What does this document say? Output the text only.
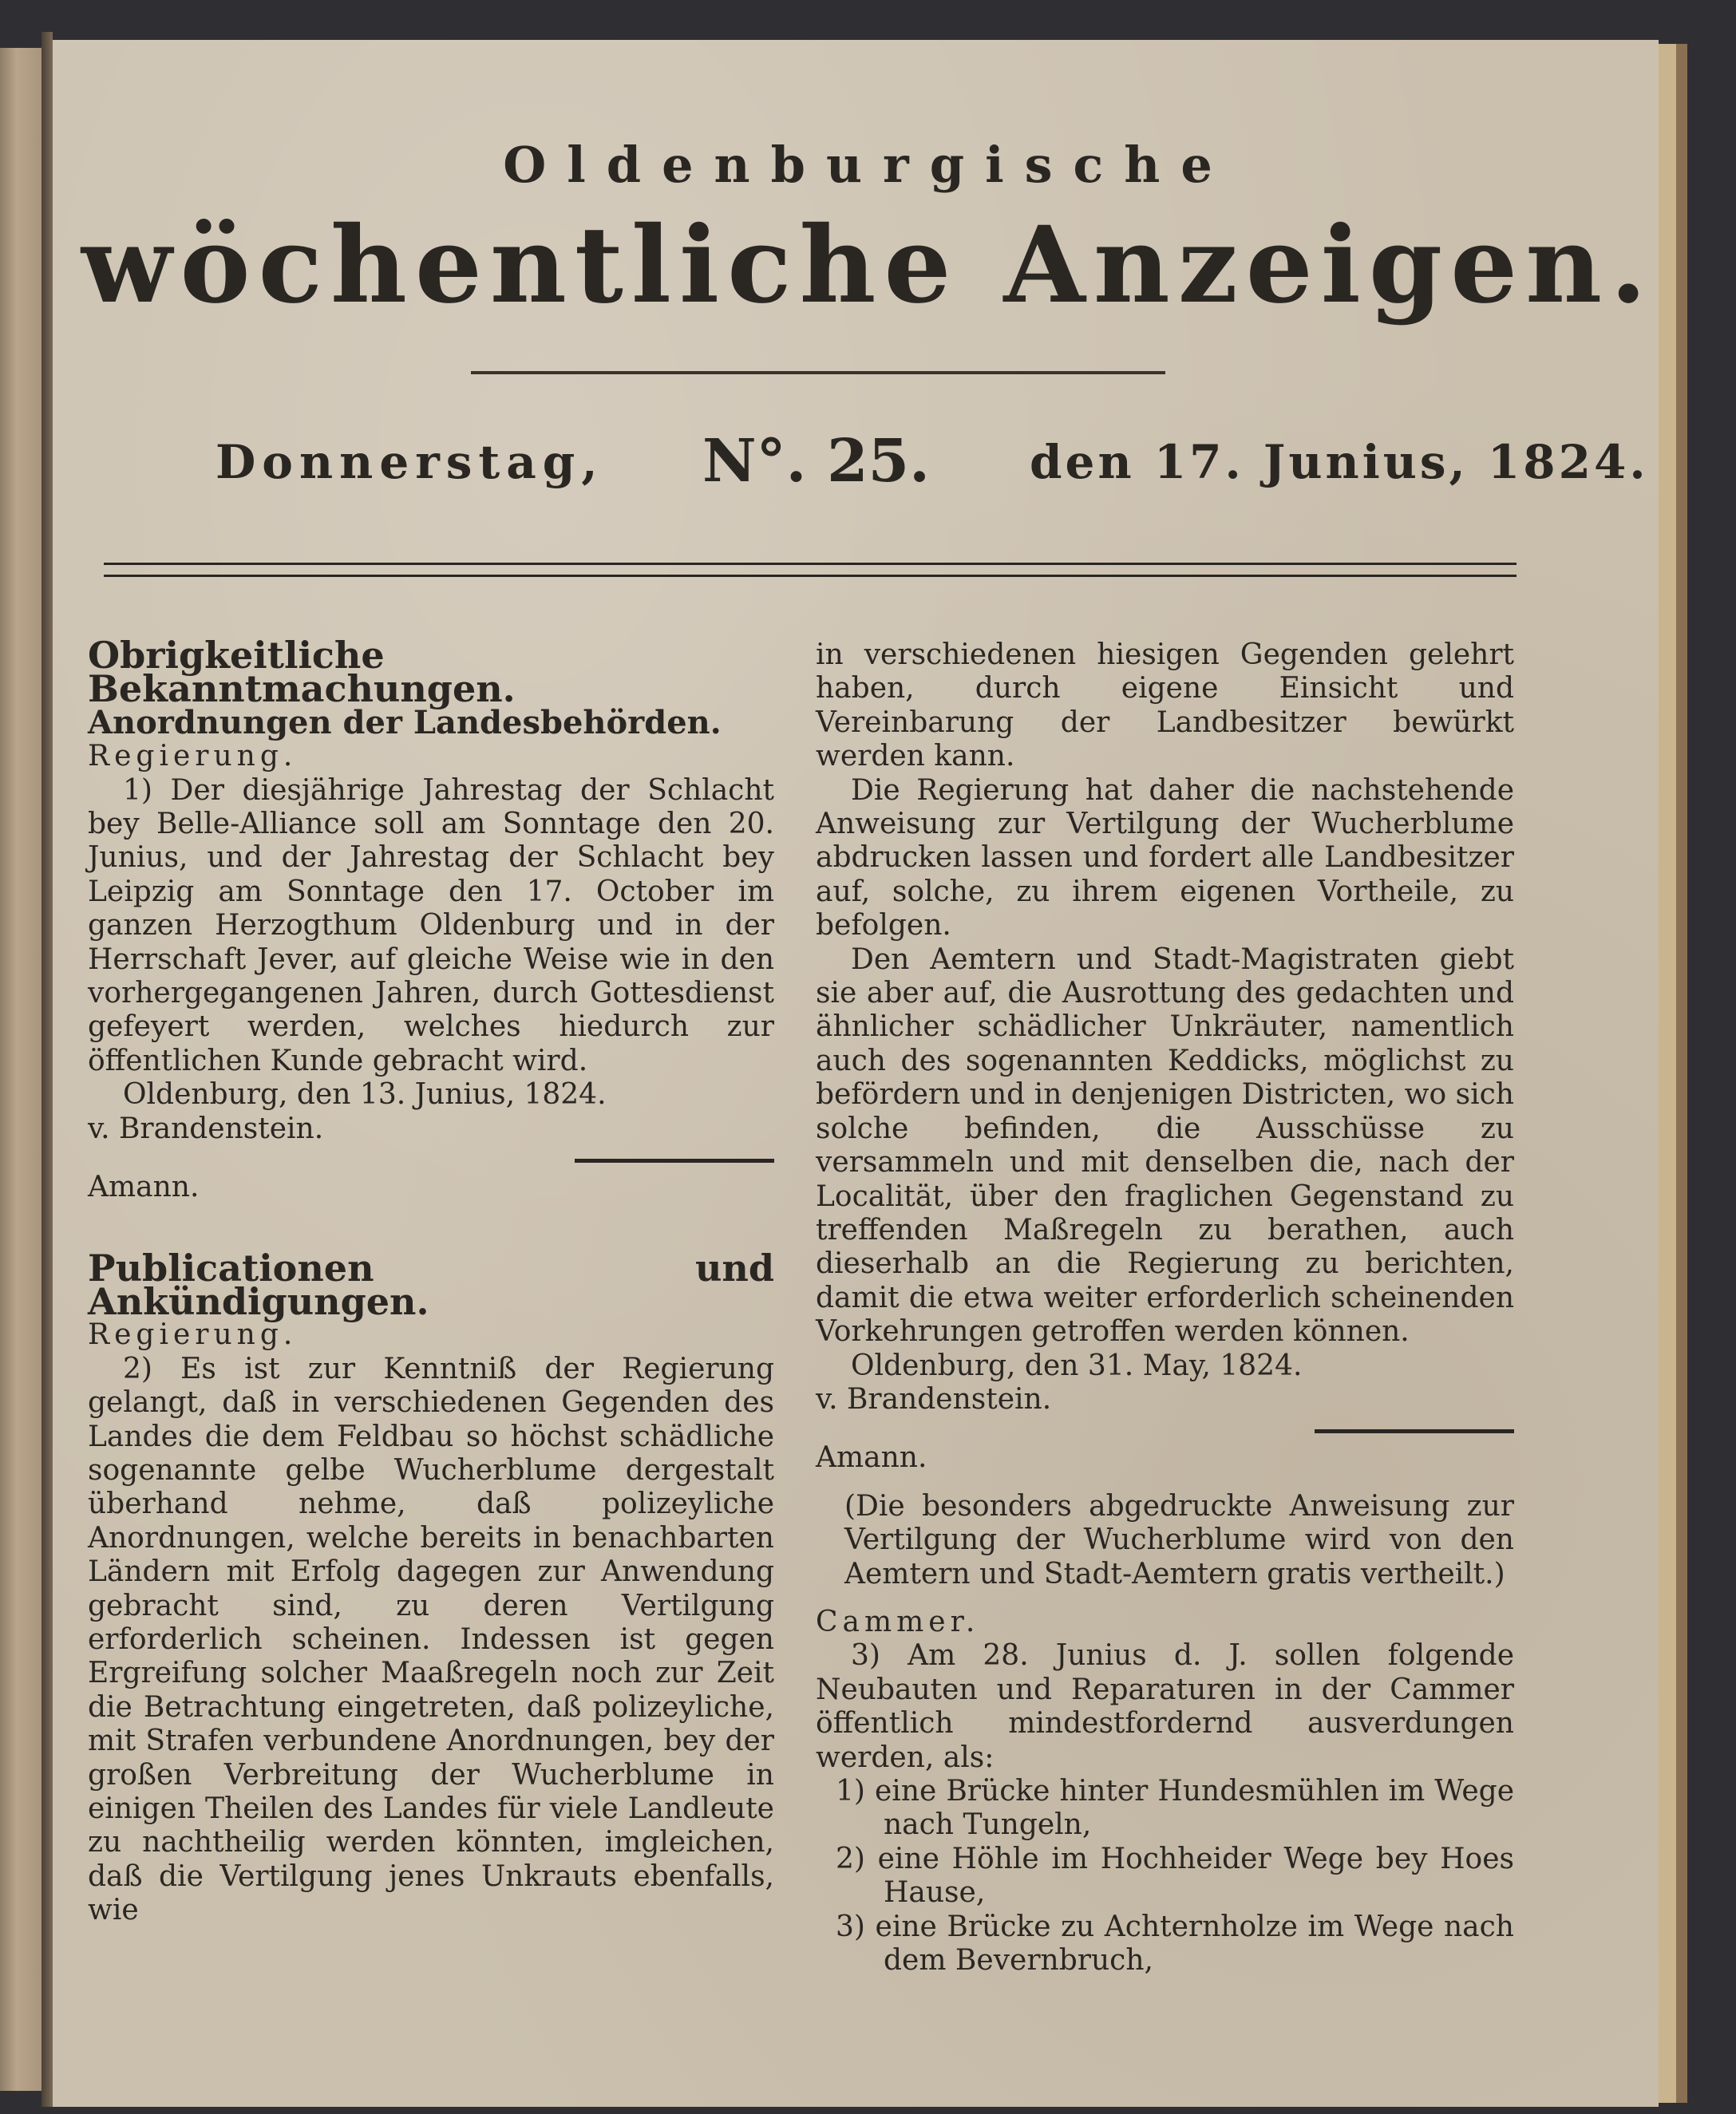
Oldenburgische
wöchentliche Anzeigen.
Donnerstag, N°. 25. den 17. Junius, 1824.

Obrigkeitliche Bekanntmachungen.

Anordnungen der Landesbehörden.

Regierung.

1) Der diesjährige Jahrestag der Schlacht bey Belle-Alliance soll am Sonntage den 20. Junius, und der Jahrestag der Schlacht bey Leipzig am Sonntage den 17. October im ganzen Herzogthum Oldenburg und in der Herrschaft Jever, auf gleiche Weise wie in den vorhergegangenen Jahren, durch Gottesdienst gefeyert werden, welches hiedurch zur öffentlichen Kunde gebracht wird.

Oldenburg, den 13. Junius, 1824.

v. Brandenstein.

Amann.

Publicationen und Ankündigungen.

Regierung.

2) Es ist zur Kenntniß der Regierung gelangt, daß in verschiedenen Gegenden des Landes die dem Feldbau so höchst schädliche sogenannte gelbe Wucherblume dergestalt überhand nehme, daß polizeyliche Anordnungen, welche bereits in benachbarten Ländern mit Erfolg dagegen zur Anwendung gebracht sind, zu deren Vertilgung erforderlich scheinen. Indessen ist gegen Ergreifung solcher Maaßregeln noch zur Zeit die Betrachtung eingetreten, daß polizeyliche, mit Strafen verbundene Anordnungen, bey der großen Verbreitung der Wucherblume in einigen Theilen des Landes für viele Landleute zu nachtheilig werden könnten, imgleichen, daß die Vertilgung jenes Unkrauts ebenfalls, wie

in verschiedenen hiesigen Gegenden gelehrt haben, durch eigene Einsicht und Vereinbarung der Landbesitzer bewürkt werden kann.

Die Regierung hat daher die nachstehende Anweisung zur Vertilgung der Wucherblume abdrucken lassen und fordert alle Landbesitzer auf, solche, zu ihrem eigenen Vortheile, zu befolgen.

Den Aemtern und Stadt-Magistraten giebt sie aber auf, die Ausrottung des gedachten und ähnlicher schädlicher Unkräuter, namentlich auch des sogenannten Keddicks, möglichst zu befördern und in denjenigen Districten, wo sich solche befinden, die Ausschüsse zu versammeln und mit denselben die, nach der Localität, über den fraglichen Gegenstand zu treffenden Maßregeln zu berathen, auch dieserhalb an die Regierung zu berichten, damit die etwa weiter erforderlich scheinenden Vorkehrungen getroffen werden können.

Oldenburg, den 31. May, 1824.

v. Brandenstein.

Amann.

(Die besonders abgedruckte Anweisung zur Vertilgung der Wucherblume wird von den Aemtern und Stadt-Aemtern gratis vertheilt.)

Cammer.

3) Am 28. Junius d. J. sollen folgende Neubauten und Reparaturen in der Cammer öffentlich mindestfordernd ausverdungen werden, als:

1) eine Brücke hinter Hundesmühlen im Wege nach Tungeln,

2) eine Höhle im Hochheider Wege bey Hoes Hause,

3) eine Brücke zu Achternholze im Wege nach dem Bevernbruch,
